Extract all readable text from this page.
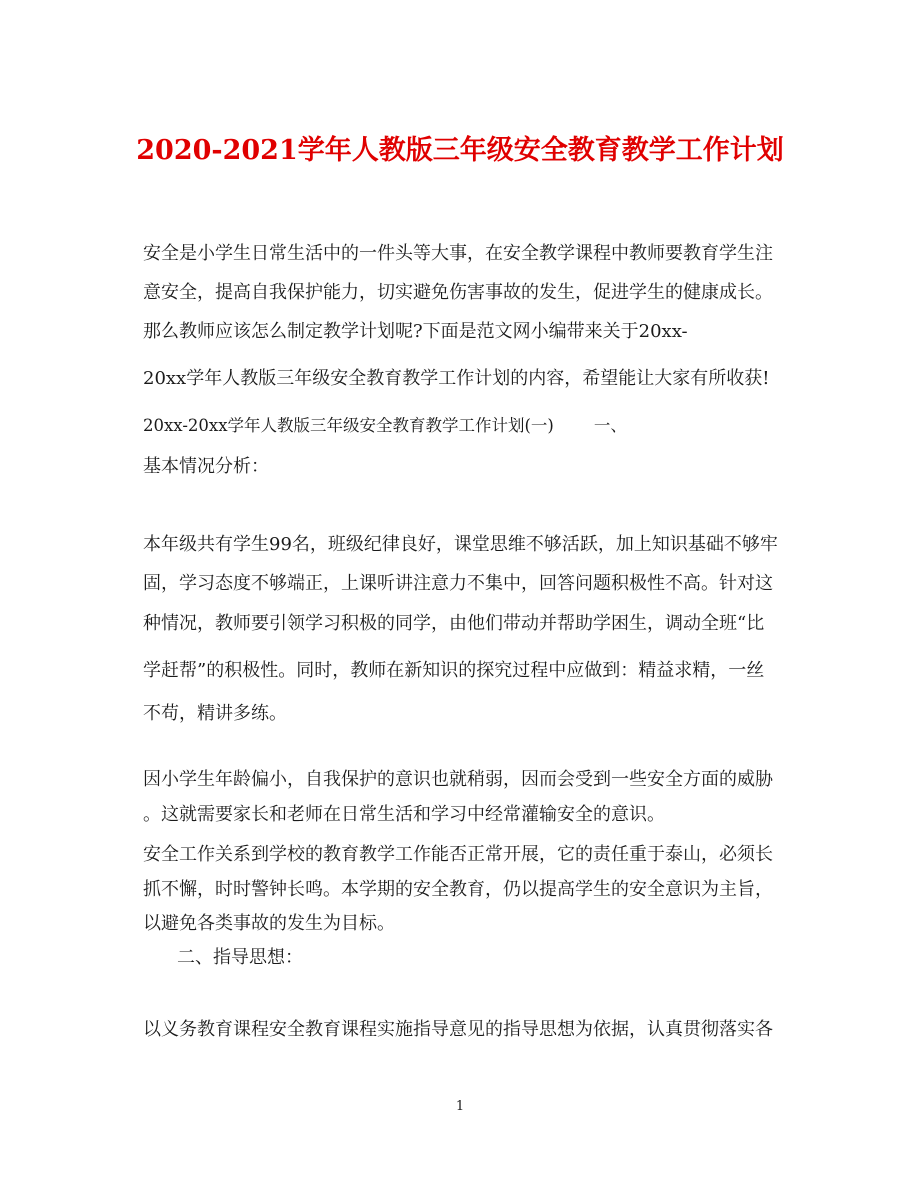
2020-2021学年人教版三年级安全教育教学工作计划
安全是小学生日常生活中的一件头等大事，在安全教学课程中教师要教育学生注
意安全，提高自我保护能力，切实避免伤害事故的发生，促进学生的健康成长。
那么教师应该怎么制定教学计划呢?下面是范文网小编带来关于20xx-
20xx学年人教版三年级安全教育教学工作计划的内容，希望能让大家有所收获!
20xx-20xx学年人教版三年级安全教育教学工作计划(一) 一、
基本情况分析：
本年级共有学生99名，班级纪律良好，课堂思维不够活跃，加上知识基础不够牢
固，学习态度不够端正，上课听讲注意力不集中，回答问题积极性不高。针对这
种情况，教师要引领学习积极的同学，由他们带动并帮助学困生，调动全班“比
学赶帮”的积极性。同时，教师在新知识的探究过程中应做到：精益求精，一丝
不苟，精讲多练。
因小学生年龄偏小，自我保护的意识也就稍弱，因而会受到一些安全方面的威胁
。这就需要家长和老师在日常生活和学习中经常灌输安全的意识。
安全工作关系到学校的教育教学工作能否正常开展，它的责任重于泰山，必须长
抓不懈，时时警钟长鸣。本学期的安全教育，仍以提高学生的安全意识为主旨，
以避免各类事故的发生为目标。
二、指导思想：
以义务教育课程安全教育课程实施指导意见的指导思想为依据，认真贯彻落实各
1
